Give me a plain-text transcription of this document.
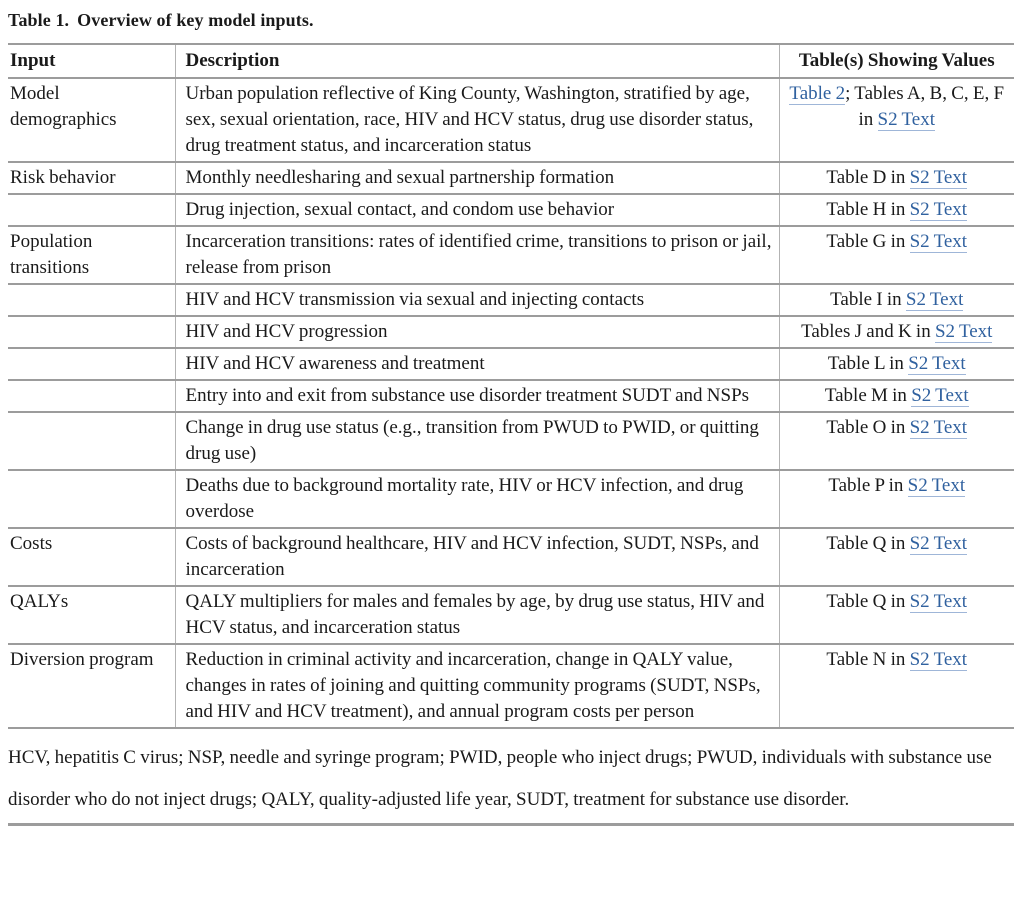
Table 1. Overview of key model inputs.
Input	Description	Table(s) Showing Values
Model demographics	Urban population reflective of King County, Washington, stratified by age, sex, sexual orientation, race, HIV and HCV status, drug use disorder status, drug treatment status, and incarceration status	Table 2; Tables A, B, C, E, F in S2 Text
Risk behavior	Monthly needlesharing and sexual partnership formation	Table D in S2 Text
	Drug injection, sexual contact, and condom use behavior	Table H in S2 Text
Population transitions	Incarceration transitions: rates of identified crime, transitions to prison or jail, release from prison	Table G in S2 Text
	HIV and HCV transmission via sexual and injecting contacts	Table I in S2 Text
	HIV and HCV progression	Tables J and K in S2 Text
	HIV and HCV awareness and treatment	Table L in S2 Text
	Entry into and exit from substance use disorder treatment SUDT and NSPs	Table M in S2 Text
	Change in drug use status (e.g., transition from PWUD to PWID, or quitting drug use)	Table O in S2 Text
	Deaths due to background mortality rate, HIV or HCV infection, and drug overdose	Table P in S2 Text
Costs	Costs of background healthcare, HIV and HCV infection, SUDT, NSPs, and incarceration	Table Q in S2 Text
QALYs	QALY multipliers for males and females by age, by drug use status, HIV and HCV status, and incarceration status	Table Q in S2 Text
Diversion program	Reduction in criminal activity and incarceration, change in QALY value, changes in rates of joining and quitting community programs (SUDT, NSPs, and HIV and HCV treatment), and annual program costs per person	Table N in S2 Text

HCV, hepatitis C virus; NSP, needle and syringe program; PWID, people who inject drugs; PWUD, individuals with substance use disorder who do not inject drugs; QALY, quality-adjusted life year, SUDT, treatment for substance use disorder.
